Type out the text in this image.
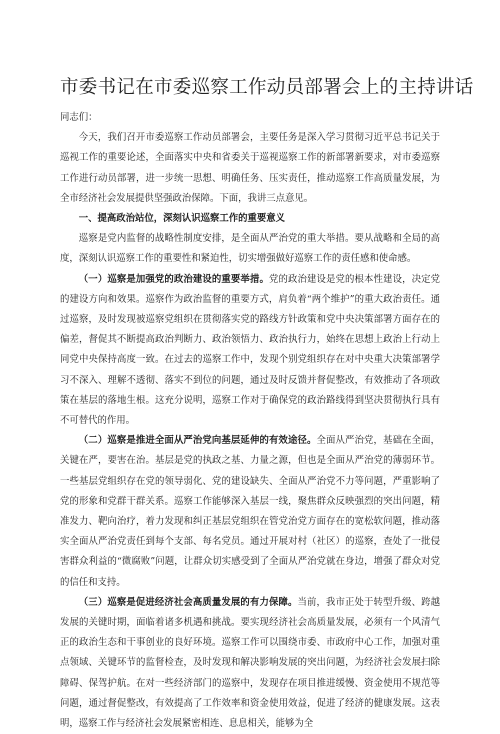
市委书记在市委巡察工作动员部署会上的主持讲话

同志们：

今天，我们召开市委巡察工作动员部署会，主要任务是深入学习贯彻习近平总书记关于巡视工作的重要论述，全面落实中央和省委关于巡视巡察工作的新部署新要求，对市委巡察工作进行动员部署，进一步统一思想、明确任务、压实责任，推动巡察工作高质量发展，为全市经济社会发展提供坚强政治保障。下面，我讲三点意见。

一、提高政治站位，深刻认识巡察工作的重要意义

巡察是党内监督的战略性制度安排，是全面从严治党的重大举措。要从战略和全局的高度，深刻认识巡察工作的重要性和紧迫性，切实增强做好巡察工作的责任感和使命感。

（一）巡察是加强党的政治建设的重要举措。党的政治建设是党的根本性建设，决定党的建设方向和效果。巡察作为政治监督的重要方式，肩负着“两个维护”的重大政治责任。通过巡察，及时发现被巡察党组织在贯彻落实党的路线方针政策和党中央决策部署方面存在的偏差，督促其不断提高政治判断力、政治领悟力、政治执行力，始终在思想上政治上行动上同党中央保持高度一致。在过去的巡察工作中，发现个别党组织存在对中央重大决策部署学习不深入、理解不透彻、落实不到位的问题，通过及时反馈并督促整改，有效推动了各项政策在基层的落地生根。这充分说明，巡察工作对于确保党的政治路线得到坚决贯彻执行具有不可替代的作用。

（二）巡察是推进全面从严治党向基层延伸的有效途径。全面从严治党，基础在全面，关键在严，要害在治。基层是党的执政之基、力量之源，但也是全面从严治党的薄弱环节。一些基层党组织存在党的领导弱化、党的建设缺失、全面从严治党不力等问题，严重影响了党的形象和党群干群关系。巡察工作能够深入基层一线，聚焦群众反映强烈的突出问题，精准发力、靶向治疗，着力发现和纠正基层党组织在管党治党方面存在的宽松软问题，推动落实全面从严治党责任到每个支部、每名党员。通过开展对村（社区）的巡察，查处了一批侵害群众利益的“微腐败”问题，让群众切实感受到了全面从严治党就在身边，增强了群众对党的信任和支持。

（三）巡察是促进经济社会高质量发展的有力保障。当前，我市正处于转型升级、跨越发展的关键时期，面临着诸多机遇和挑战。要实现经济社会高质量发展，必须有一个风清气正的政治生态和干事创业的良好环境。巡察工作可以围绕市委、市政府中心工作，加强对重点领域、关键环节的监督检查，及时发现和解决影响发展的突出问题，为经济社会发展扫除障碍、保驾护航。在对一些经济部门的巡察中，发现存在项目推进缓慢、资金使用不规范等问题，通过督促整改，有效提高了工作效率和资金使用效益，促进了经济的健康发展。这表明，巡察工作与经济社会发展紧密相连、息息相关，能够为全
